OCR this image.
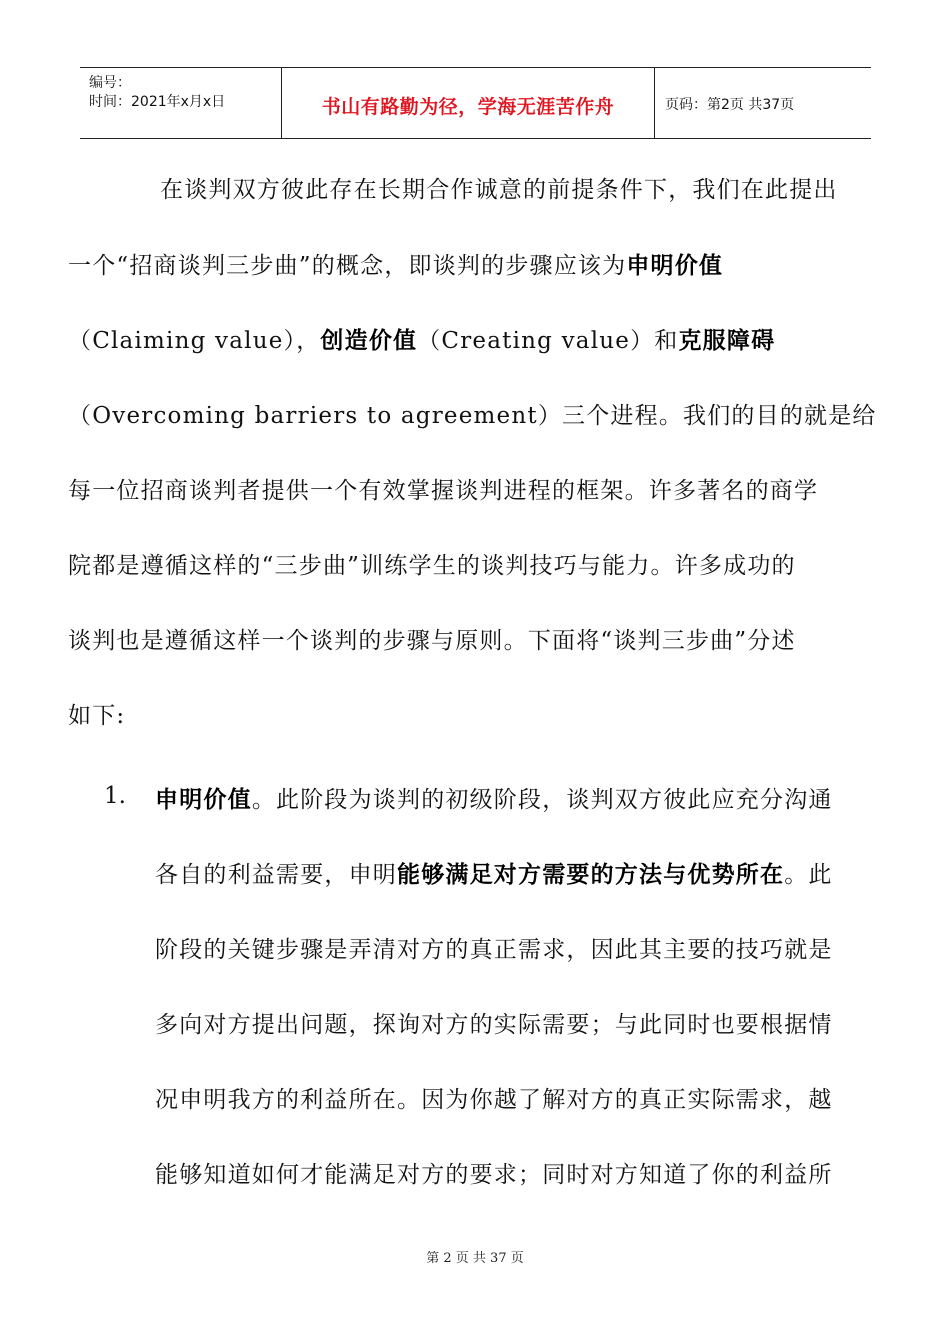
编号：
时间：2021年x月x日	书山有路勤为径，学海无涯苦作舟	页码：第2页 共37页
在谈判双方彼此存在长期合作诚意的前提条件下，我们在此提出
一个“招商谈判三步曲”的概念，即谈判的步骤应该为申明价值
（Claiming value），创造价值（Creating value）和克服障碍
（Overcoming barriers to agreement）三个进程。我们的目的就是给
每一位招商谈判者提供一个有效掌握谈判进程的框架。许多著名的商学
院都是遵循这样的“三步曲”训练学生的谈判技巧与能力。许多成功的
谈判也是遵循这样一个谈判的步骤与原则。下面将“谈判三步曲”分述
如下:
1. 申明价值。此阶段为谈判的初级阶段，谈判双方彼此应充分沟通
各自的利益需要，申明能够满足对方需要的方法与优势所在。此
阶段的关键步骤是弄清对方的真正需求，因此其主要的技巧就是
多向对方提出问题，探询对方的实际需要；与此同时也要根据情
况申明我方的利益所在。因为你越了解对方的真正实际需求，越
能够知道如何才能满足对方的要求；同时对方知道了你的利益所
第 2 页 共 37 页
